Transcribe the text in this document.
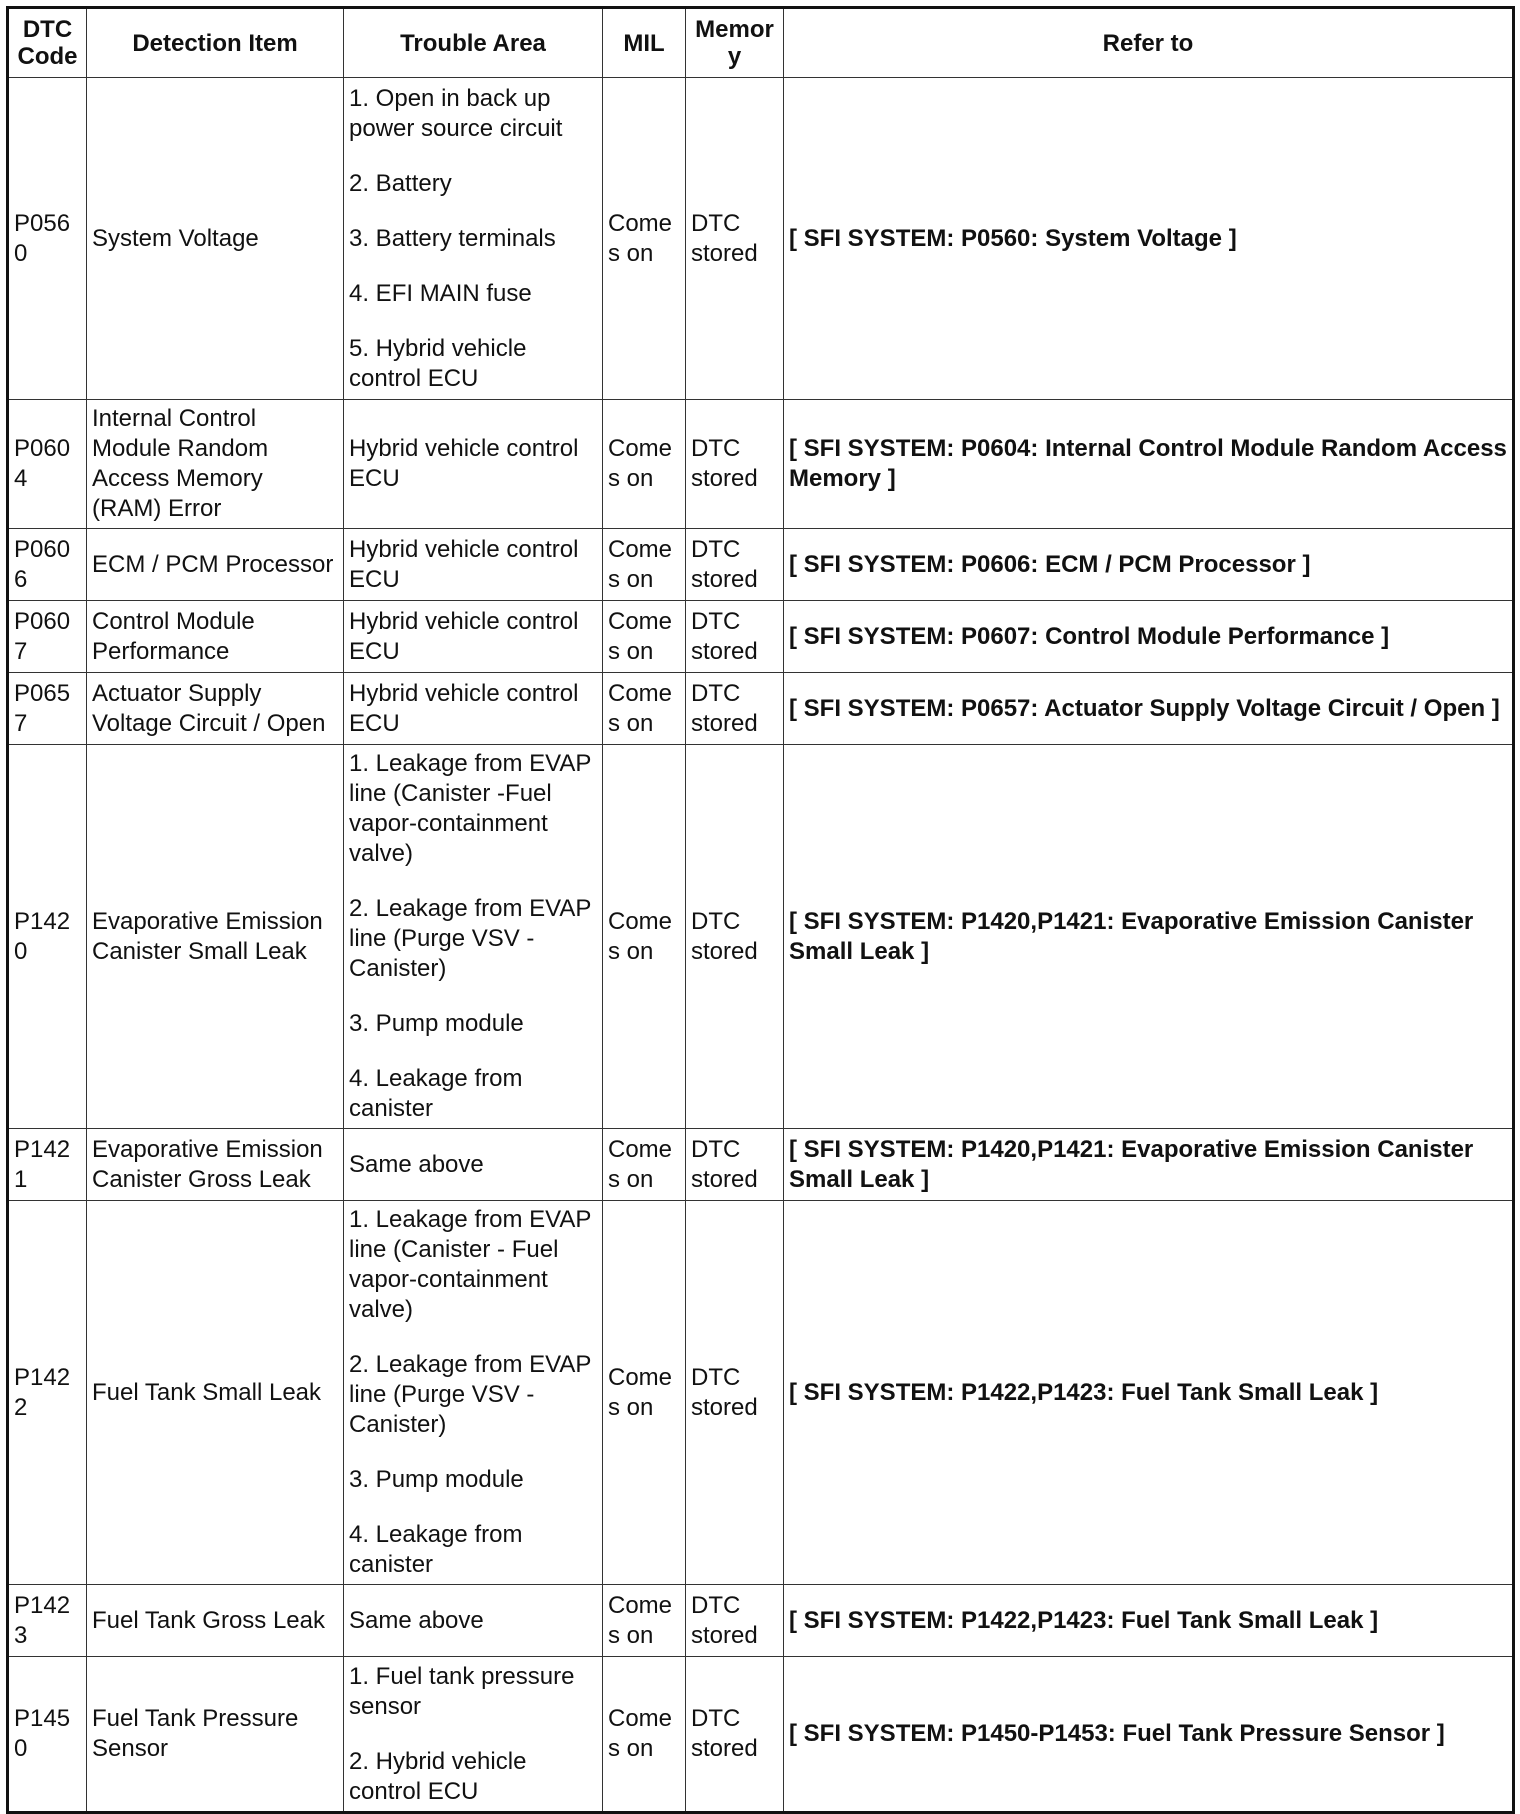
DTC Code	Detection Item	Trouble Area	MIL	Memory	Refer to
P0560	System Voltage	1. Open in back up power source circuit
2. Battery
3. Battery terminals
4. EFI MAIN fuse
5. Hybrid vehicle control ECU	Comes on	DTC stored	[ SFI SYSTEM: P0560: System Voltage ]
P0604	Internal Control Module Random Access Memory (RAM) Error	Hybrid vehicle control ECU	Comes on	DTC stored	[ SFI SYSTEM: P0604: Internal Control Module Random Access Memory ]
P0606	ECM / PCM Processor	Hybrid vehicle control ECU	Comes on	DTC stored	[ SFI SYSTEM: P0606: ECM / PCM Processor ]
P0607	Control Module Performance	Hybrid vehicle control ECU	Comes on	DTC stored	[ SFI SYSTEM: P0607: Control Module Performance ]
P0657	Actuator Supply Voltage Circuit / Open	Hybrid vehicle control ECU	Comes on	DTC stored	[ SFI SYSTEM: P0657: Actuator Supply Voltage Circuit / Open ]
P1420	Evaporative Emission Canister Small Leak	1. Leakage from EVAP line (Canister -Fuel vapor-containment valve)
2. Leakage from EVAP line (Purge VSV - Canister)
3. Pump module
4. Leakage from canister	Comes on	DTC stored	[ SFI SYSTEM: P1420,P1421: Evaporative Emission Canister Small Leak ]
P1421	Evaporative Emission Canister Gross Leak	Same above	Comes on	DTC stored	[ SFI SYSTEM: P1420,P1421: Evaporative Emission Canister Small Leak ]
P1422	Fuel Tank Small Leak	1. Leakage from EVAP line (Canister - Fuel vapor-containment valve)
2. Leakage from EVAP line (Purge VSV - Canister)
3. Pump module
4. Leakage from canister	Comes on	DTC stored	[ SFI SYSTEM: P1422,P1423: Fuel Tank Small Leak ]
P1423	Fuel Tank Gross Leak	Same above	Comes on	DTC stored	[ SFI SYSTEM: P1422,P1423: Fuel Tank Small Leak ]
P1450	Fuel Tank Pressure Sensor	1. Fuel tank pressure sensor
2. Hybrid vehicle control ECU	Comes on	DTC stored	[ SFI SYSTEM: P1450-P1453: Fuel Tank Pressure Sensor ]
